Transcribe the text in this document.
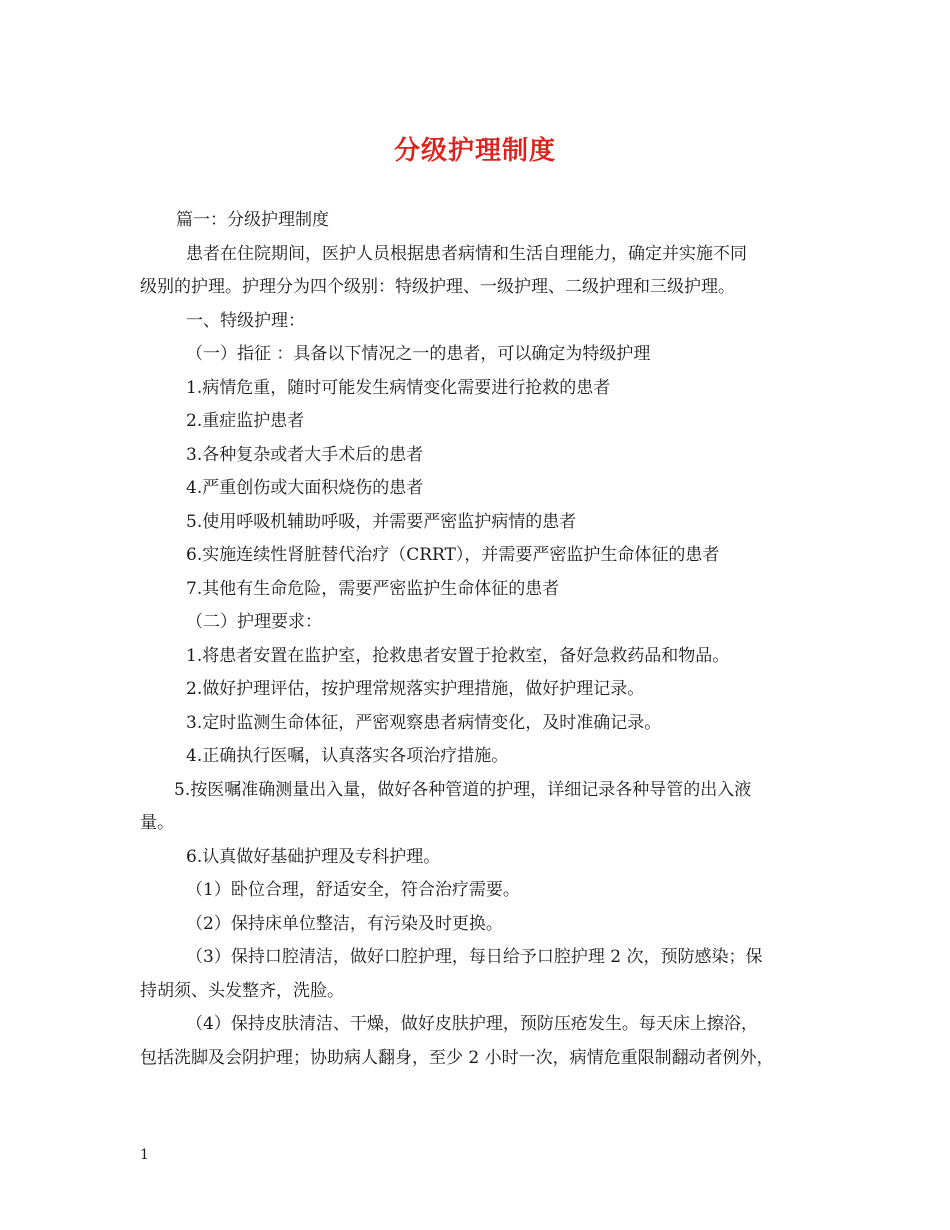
分级护理制度
篇一：分级护理制度
患者在住院期间，医护人员根据患者病情和生活自理能力，确定并实施不同
级别的护理。护理分为四个级别：特级护理、一级护理、二级护理和三级护理。
一、特级护理：
（一）指征 ：具备以下情况之一的患者，可以确定为特级护理
1.病情危重，随时可能发生病情变化需要进行抢救的患者
2.重症监护患者
3.各种复杂或者大手术后的患者
4.严重创伤或大面积烧伤的患者
5.使用呼吸机辅助呼吸，并需要严密监护病情的患者
6.实施连续性肾脏替代治疗（CRRT），并需要严密监护生命体征的患者
7.其他有生命危险，需要严密监护生命体征的患者
（二）护理要求：
1.将患者安置在监护室，抢救患者安置于抢救室，备好急救药品和物品。
2.做好护理评估，按护理常规落实护理措施，做好护理记录。
3.定时监测生命体征，严密观察患者病情变化，及时准确记录。
4.正确执行医嘱，认真落实各项治疗措施。
5.按医嘱准确测量出入量，做好各种管道的护理，详细记录各种导管的出入液
量。
6.认真做好基础护理及专科护理。
（1）卧位合理，舒适安全，符合治疗需要。
（2）保持床单位整洁，有污染及时更换。
（3）保持口腔清洁，做好口腔护理，每日给予口腔护理 2 次，预防感染；保
持胡须、头发整齐，洗脸。
（4）保持皮肤清洁、干燥，做好皮肤护理，预防压疮发生。每天床上擦浴，
包括洗脚及会阴护理；协助病人翻身，至少 2 小时一次，病情危重限制翻动者例外，
1
